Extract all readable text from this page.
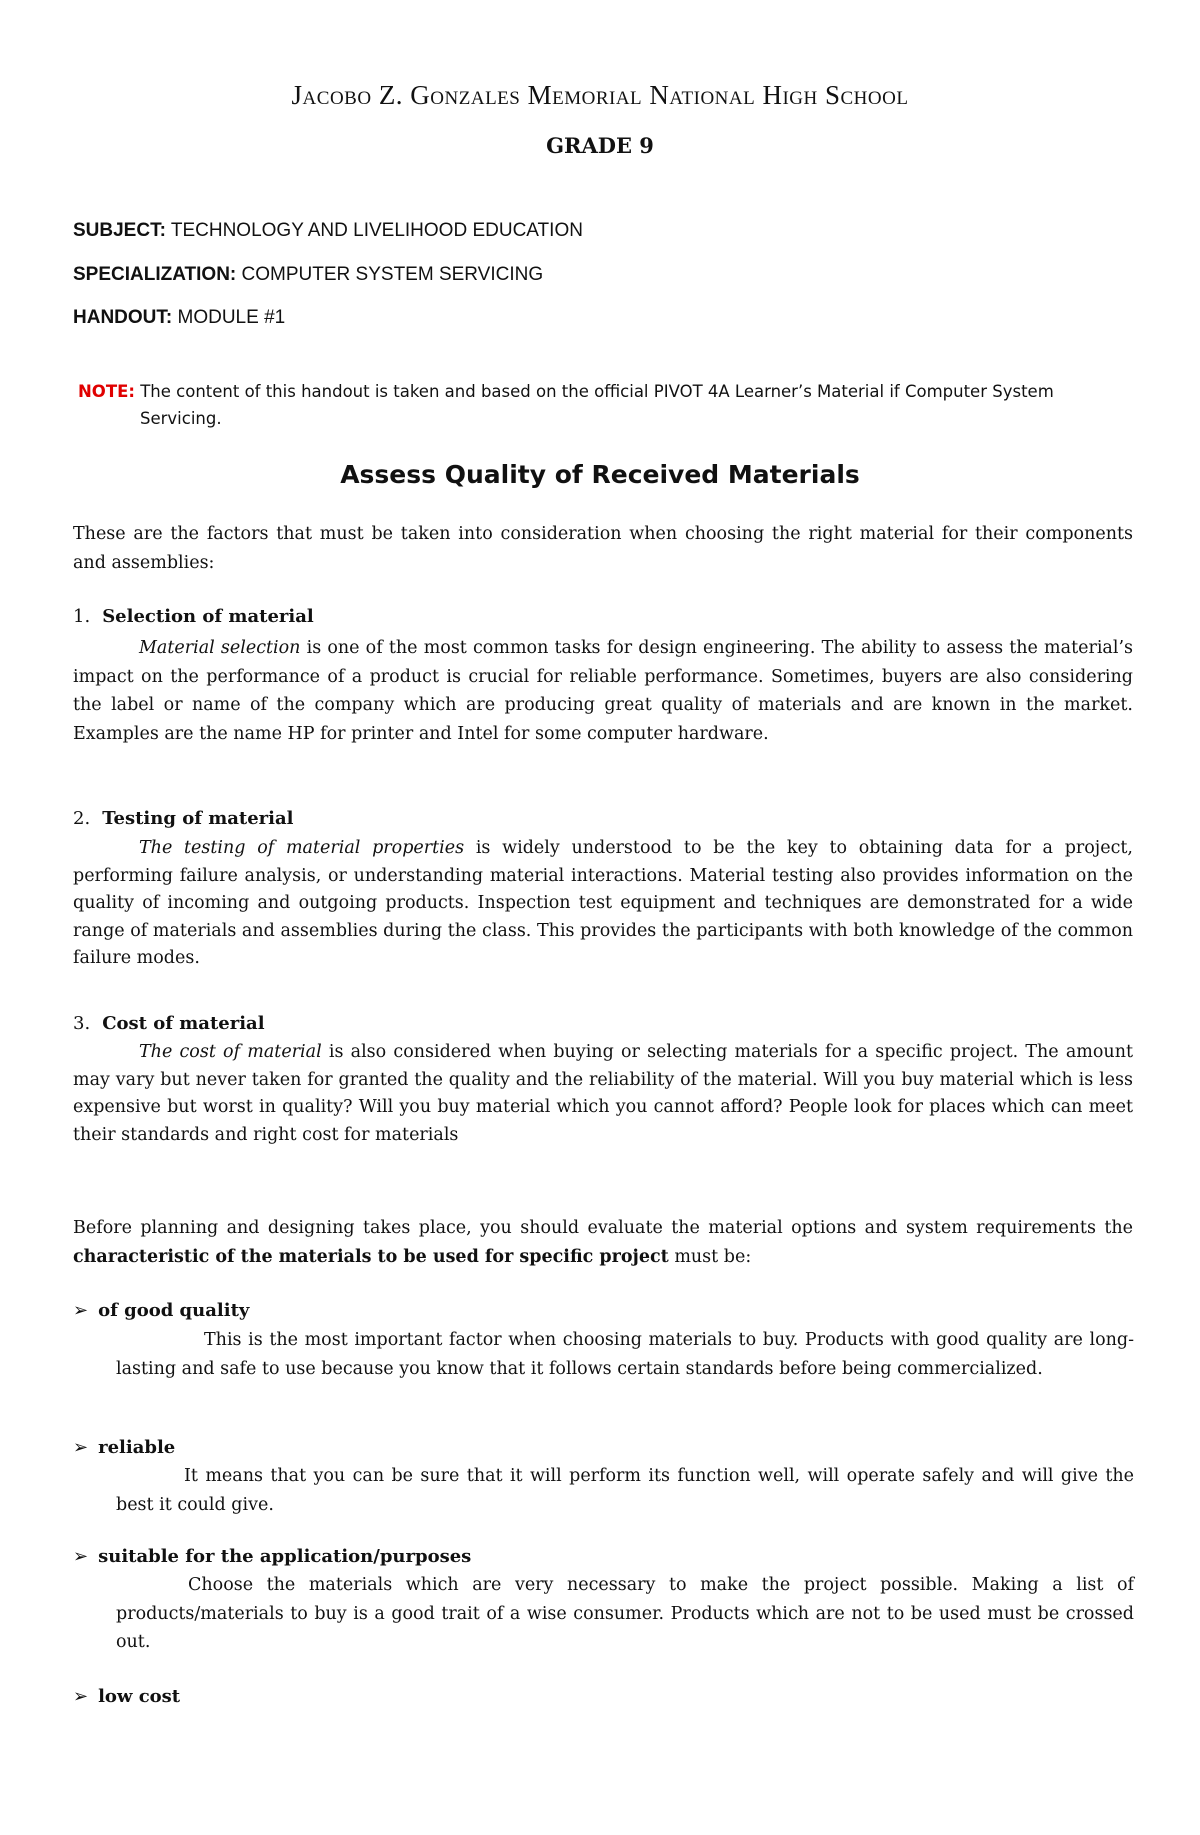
Jacobo Z. Gonzales Memorial National High School
GRADE 9
SUBJECT: TECHNOLOGY AND LIVELIHOOD EDUCATION
SPECIALIZATION: COMPUTER SYSTEM SERVICING
HANDOUT: MODULE #1
NOTE: The content of this handout is taken and based on the official PIVOT 4A Learner’s Material if Computer System
Servicing.
Assess Quality of Received Materials
These are the factors that must be taken into consideration when choosing the right material for their components and assemblies:
1. Selection of material
Material selection is one of the most common tasks for design engineering. The ability to assess the material’s impact on the performance of a product is crucial for reliable performance. Sometimes, buyers are also considering the label or name of the company which are producing great quality of materials and are known in the market. Examples are the name HP for printer and Intel for some computer hardware.
2. Testing of material
The testing of material properties is widely understood to be the key to obtaining data for a project, performing failure analysis, or understanding material interactions. Material testing also provides information on the quality of incoming and outgoing products. Inspection test equipment and techniques are demonstrated for a wide range of materials and assemblies during the class. This provides the participants with both knowledge of the common failure modes.
3. Cost of material
The cost of material is also considered when buying or selecting materials for a specific project. The amount may vary but never taken for granted the quality and the reliability of the material. Will you buy material which is less expensive but worst in quality? Will you buy material which you cannot afford? People look for places which can meet their standards and right cost for materials
Before planning and designing takes place, you should evaluate the material options and system requirements the characteristic of the materials to be used for specific project must be:
➢ of good quality
This is the most important factor when choosing materials to buy. Products with good quality are long-lasting and safe to use because you know that it follows certain standards before being commercialized.
➢ reliable
It means that you can be sure that it will perform its function well, will operate safely and will give the best it could give.
➢ suitable for the application/purposes
Choose the materials which are very necessary to make the project possible. Making a list of products/materials to buy is a good trait of a wise consumer. Products which are not to be used must be crossed out.
➢ low cost
